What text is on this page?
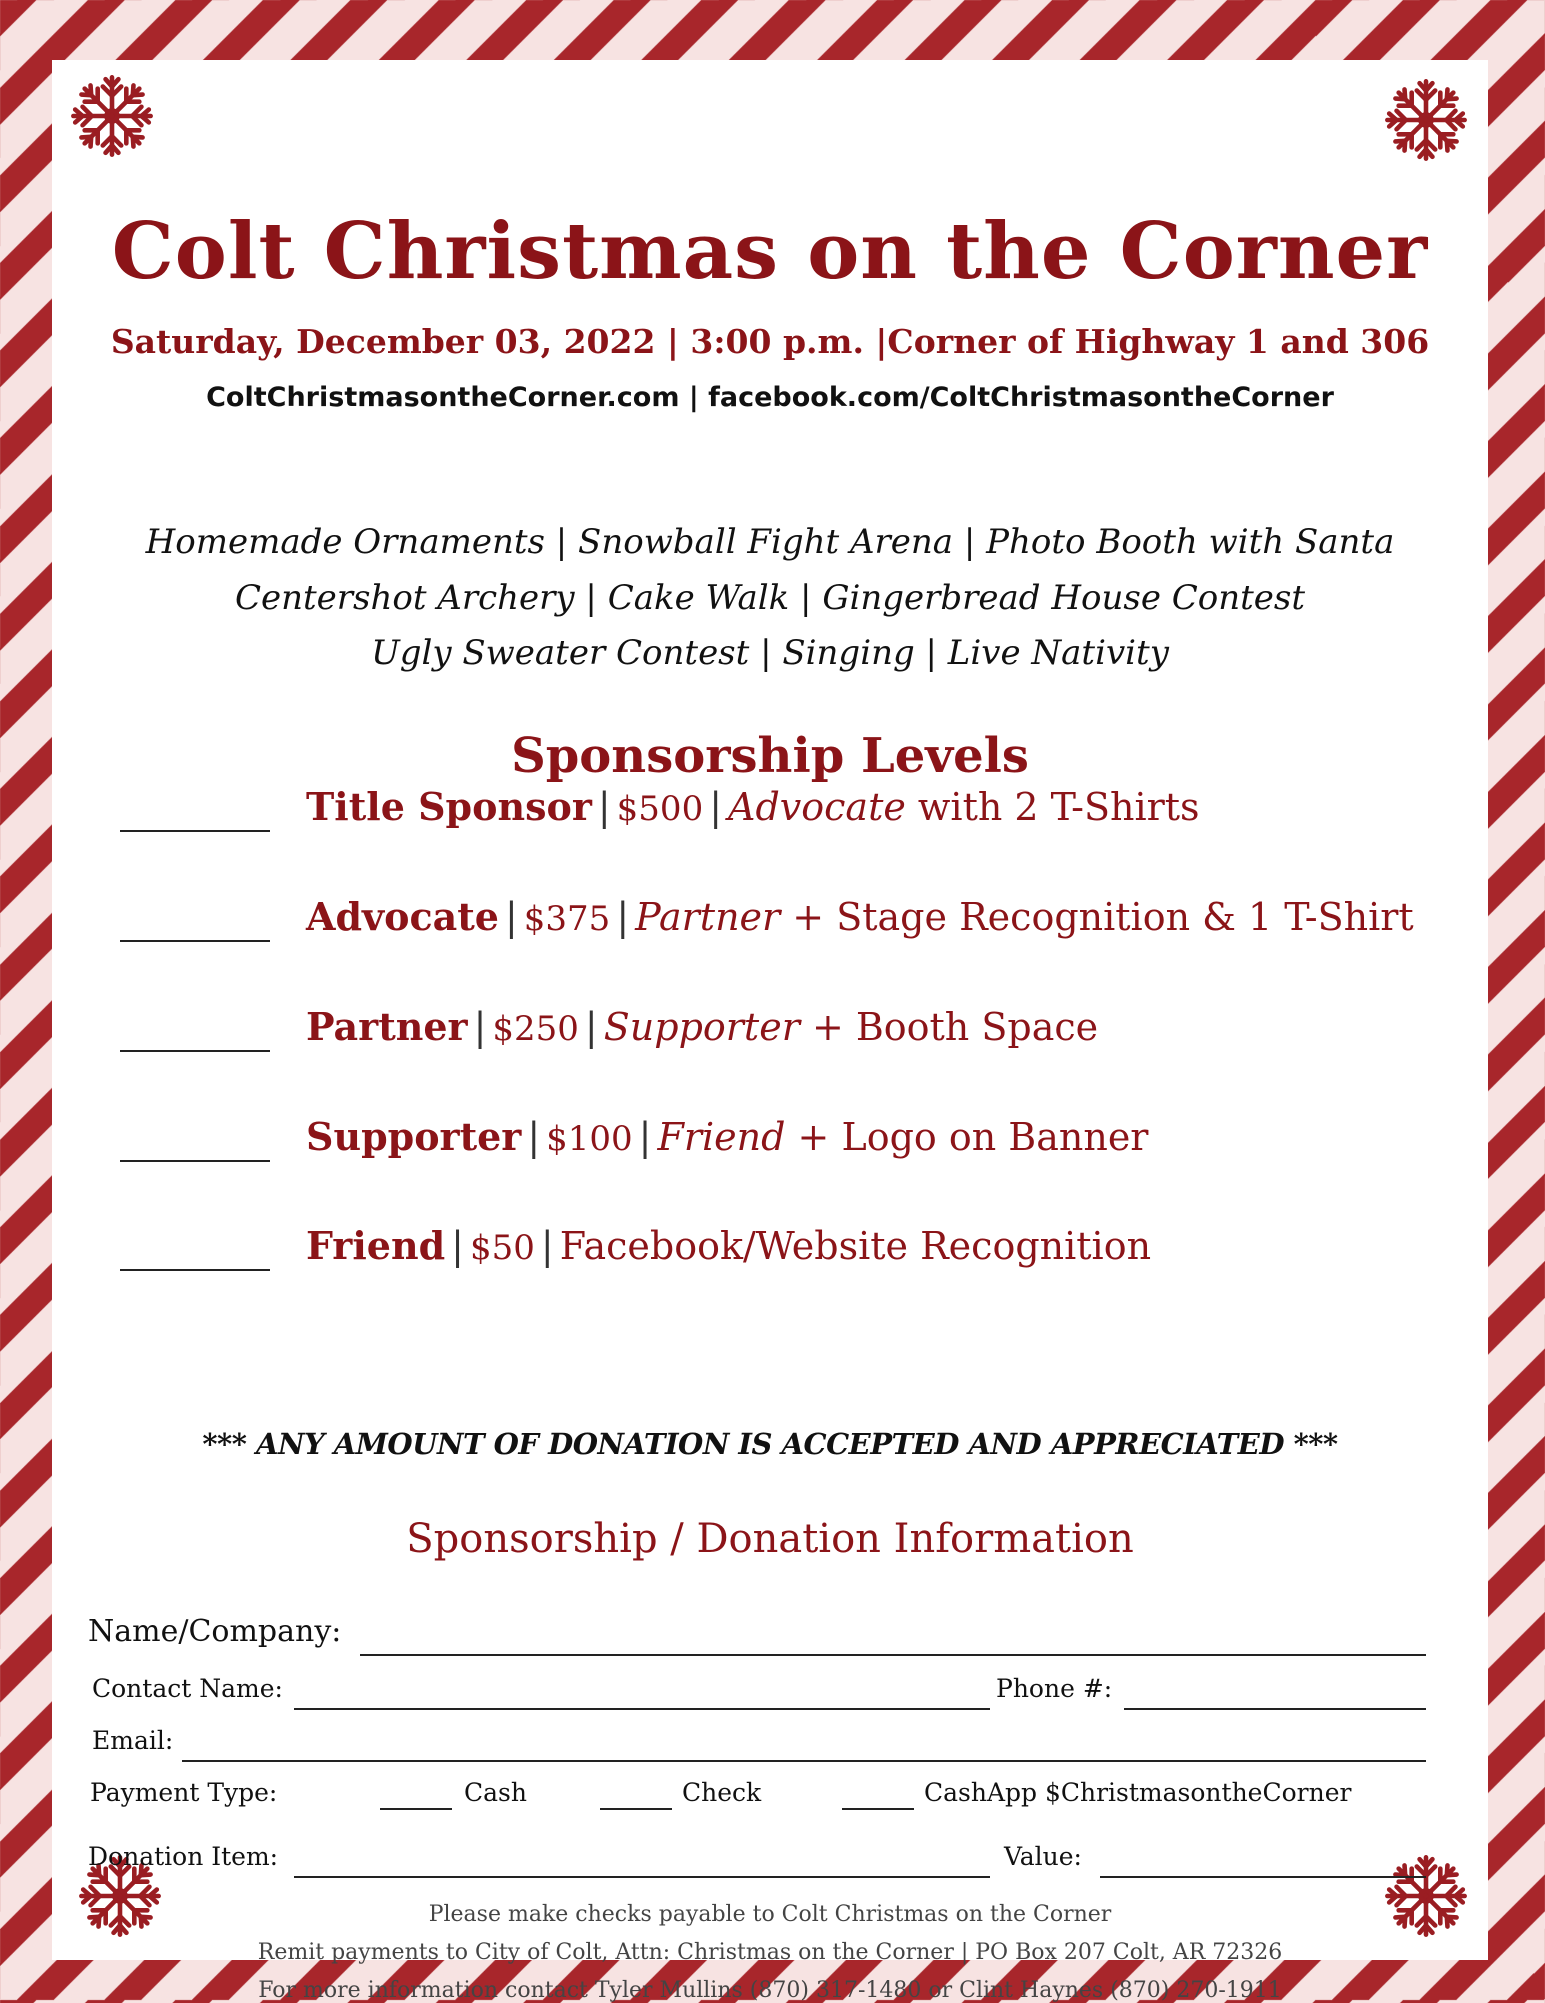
Colt Christmas on the Corner
Saturday, December 03, 2022 | 3:00 p.m. |Corner of Highway 1 and 306
ColtChristmasontheCorner.com | facebook.com/ColtChristmasontheCorner
Homemade Ornaments | Snowball Fight Arena | Photo Booth with Santa
Centershot Archery | Cake Walk | Gingerbread House Contest
Ugly Sweater Contest | Singing | Live Nativity
Sponsorship Levels
Title Sponsor | $500 | Advocate with 2 T-Shirts
Advocate | $375 | Partner + Stage Recognition & 1 T-Shirt
Partner | $250 | Supporter + Booth Space
Supporter | $100 | Friend + Logo on Banner
Friend | $50 | Facebook/Website Recognition
*** ANY AMOUNT OF DONATION IS ACCEPTED AND APPRECIATED ***
Sponsorship / Donation Information
Name/Company:
Contact Name:	Phone #:
Email:
Payment Type:	Cash	Check	CashApp $ChristmasontheCorner
Donation Item:	Value:
Please make checks payable to Colt Christmas on the Corner
Remit payments to City of Colt, Attn: Christmas on the Corner | PO Box 207 Colt, AR 72326
For more information contact Tyler Mullins (870) 317-1480 or Clint Haynes (870) 270-1911
